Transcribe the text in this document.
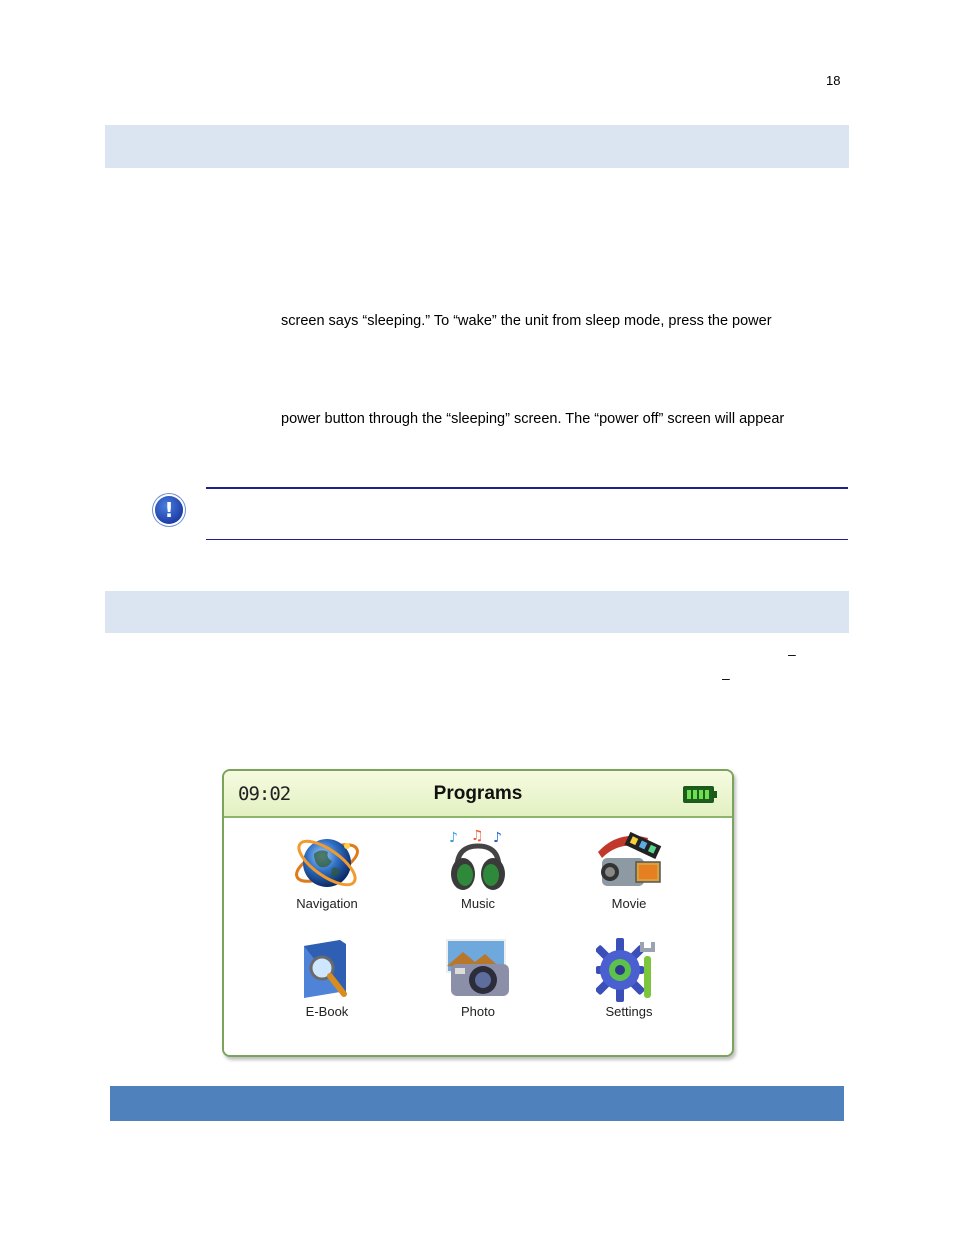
18
screen says “sleeping.” To “wake” the unit from sleep mode, press the power
power button through the “sleeping” screen. The “power off” screen will appear
!
–
–
09:02	Programs
Navigation
♪ ♫ ♪
Music	Movie
E-Book	Photo	Settings
